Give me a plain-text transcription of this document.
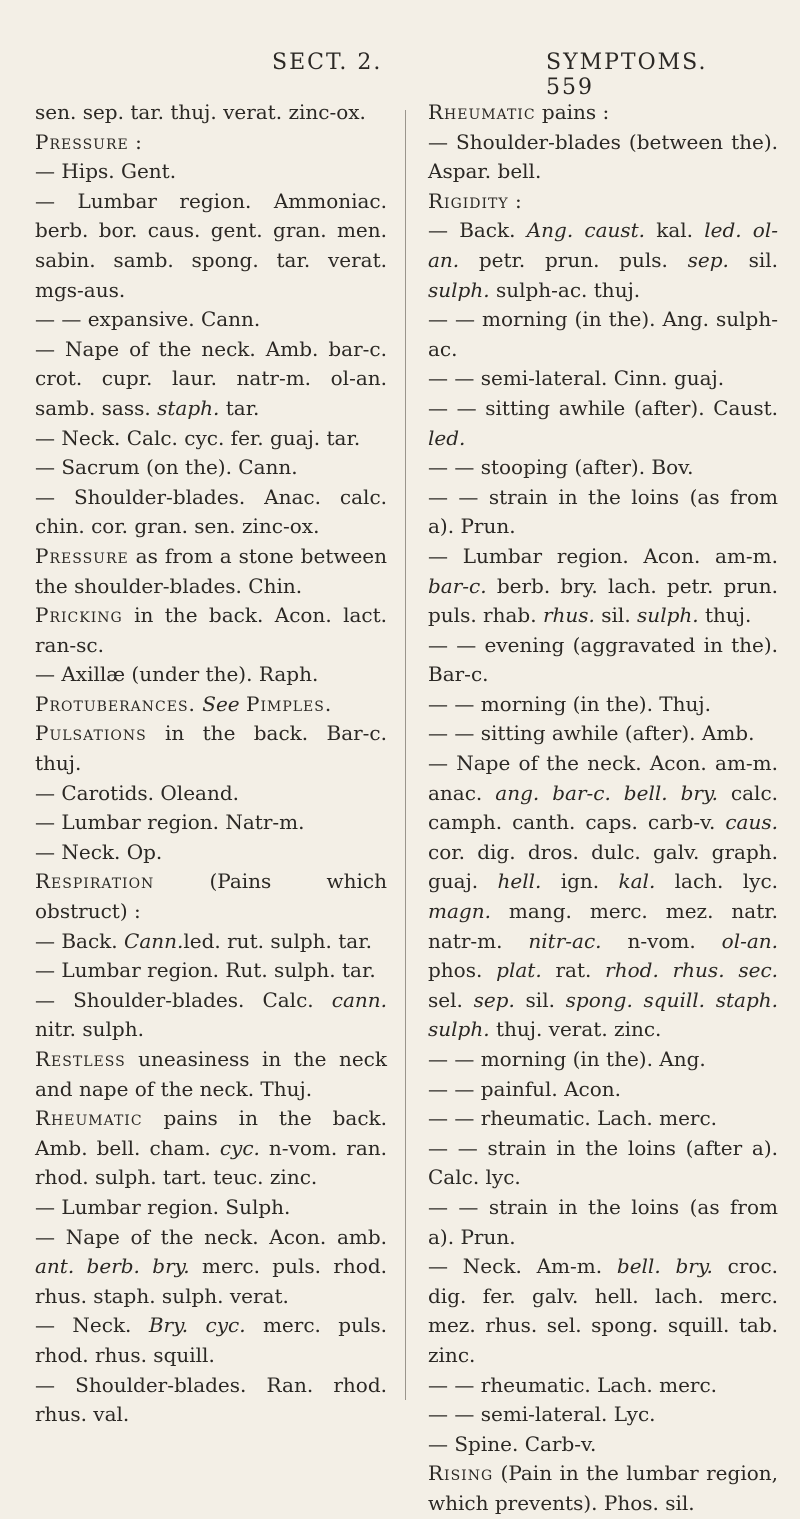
SECT. 2.	SYMPTOMS.  559
sen. sep. tar. thuj. verat. zinc-ox.
Pressure :
— Hips. Gent.
— Lumbar region. Ammoniac. berb. bor. caus. gent. gran. men. sabin. samb. spong. tar. verat. mgs-aus.
— — expansive. Cann.
— Nape of the neck. Amb. bar-c. crot. cupr. laur. natr-m. ol-an. samb. sass. staph. tar.
— Neck. Calc. cyc. fer. guaj. tar.
— Sacrum (on the). Cann.
— Shoulder-blades. Anac. calc. chin. cor. gran. sen. zinc-ox.
Pressure as from a stone between the shoulder-blades. Chin.
Pricking in the back. Acon. lact. ran-sc.
— Axillæ (under the). Raph.
Protuberances. See Pimples.
Pulsations in the back. Bar-c. thuj.
— Carotids. Oleand.
— Lumbar region. Natr-m.
— Neck. Op.
Respiration (Pains which obstruct) :
— Back. Cann.led. rut. sulph. tar.
— Lumbar region. Rut. sulph. tar.
— Shoulder-blades. Calc. cann. nitr. sulph.
Restless uneasiness in the neck and nape of the neck. Thuj.
Rheumatic pains in the back. Amb. bell. cham. cyc. n-vom. ran. rhod. sulph. tart. teuc. zinc.
— Lumbar region. Sulph.
— Nape of the neck. Acon. amb. ant. berb. bry. merc. puls. rhod. rhus. staph. sulph. verat.
— Neck. Bry. cyc. merc. puls. rhod. rhus. squill.
— Shoulder-blades. Ran. rhod. rhus. val.
Rheumatic pains :
— Shoulder-blades (between the). Aspar. bell.
Rigidity :
— Back. Ang. caust. kal. led. ol-an. petr. prun. puls. sep. sil. sulph. sulph-ac. thuj.
— — morning (in the). Ang. sulph-ac.
— — semi-lateral. Cinn. guaj.
— — sitting awhile (after). Caust. led.
— — stooping (after). Bov.
— — strain in the loins (as from a). Prun.
— Lumbar region. Acon. am-m. bar-c. berb. bry. lach. petr. prun. puls. rhab. rhus. sil. sulph. thuj.
— — evening (aggravated in the). Bar-c.
— — morning (in the). Thuj.
— — sitting awhile (after). Amb.
— Nape of the neck. Acon. am-m. anac. ang. bar-c. bell. bry. calc. camph. canth. caps. carb-v. caus. cor. dig. dros. dulc. galv. graph. guaj. hell. ign. kal. lach. lyc. magn. mang. merc. mez. natr. natr-m. nitr-ac. n-vom. ol-an. phos. plat. rat. rhod. rhus. sec. sel. sep. sil. spong. squill. staph. sulph. thuj. verat. zinc.
— — morning (in the). Ang.
— — painful. Acon.
— — rheumatic. Lach. merc.
— — strain in the loins (after a). Calc. lyc.
— — strain in the loins (as from a). Prun.
— Neck. Am-m. bell. bry. croc. dig. fer. galv. hell. lach. merc. mez. rhus. sel. spong. squill. tab. zinc.
— — rheumatic. Lach. merc.
— — semi-lateral. Lyc.
— Spine. Carb-v.
Rising (Pain in the lumbar region, which prevents). Phos. sil.
